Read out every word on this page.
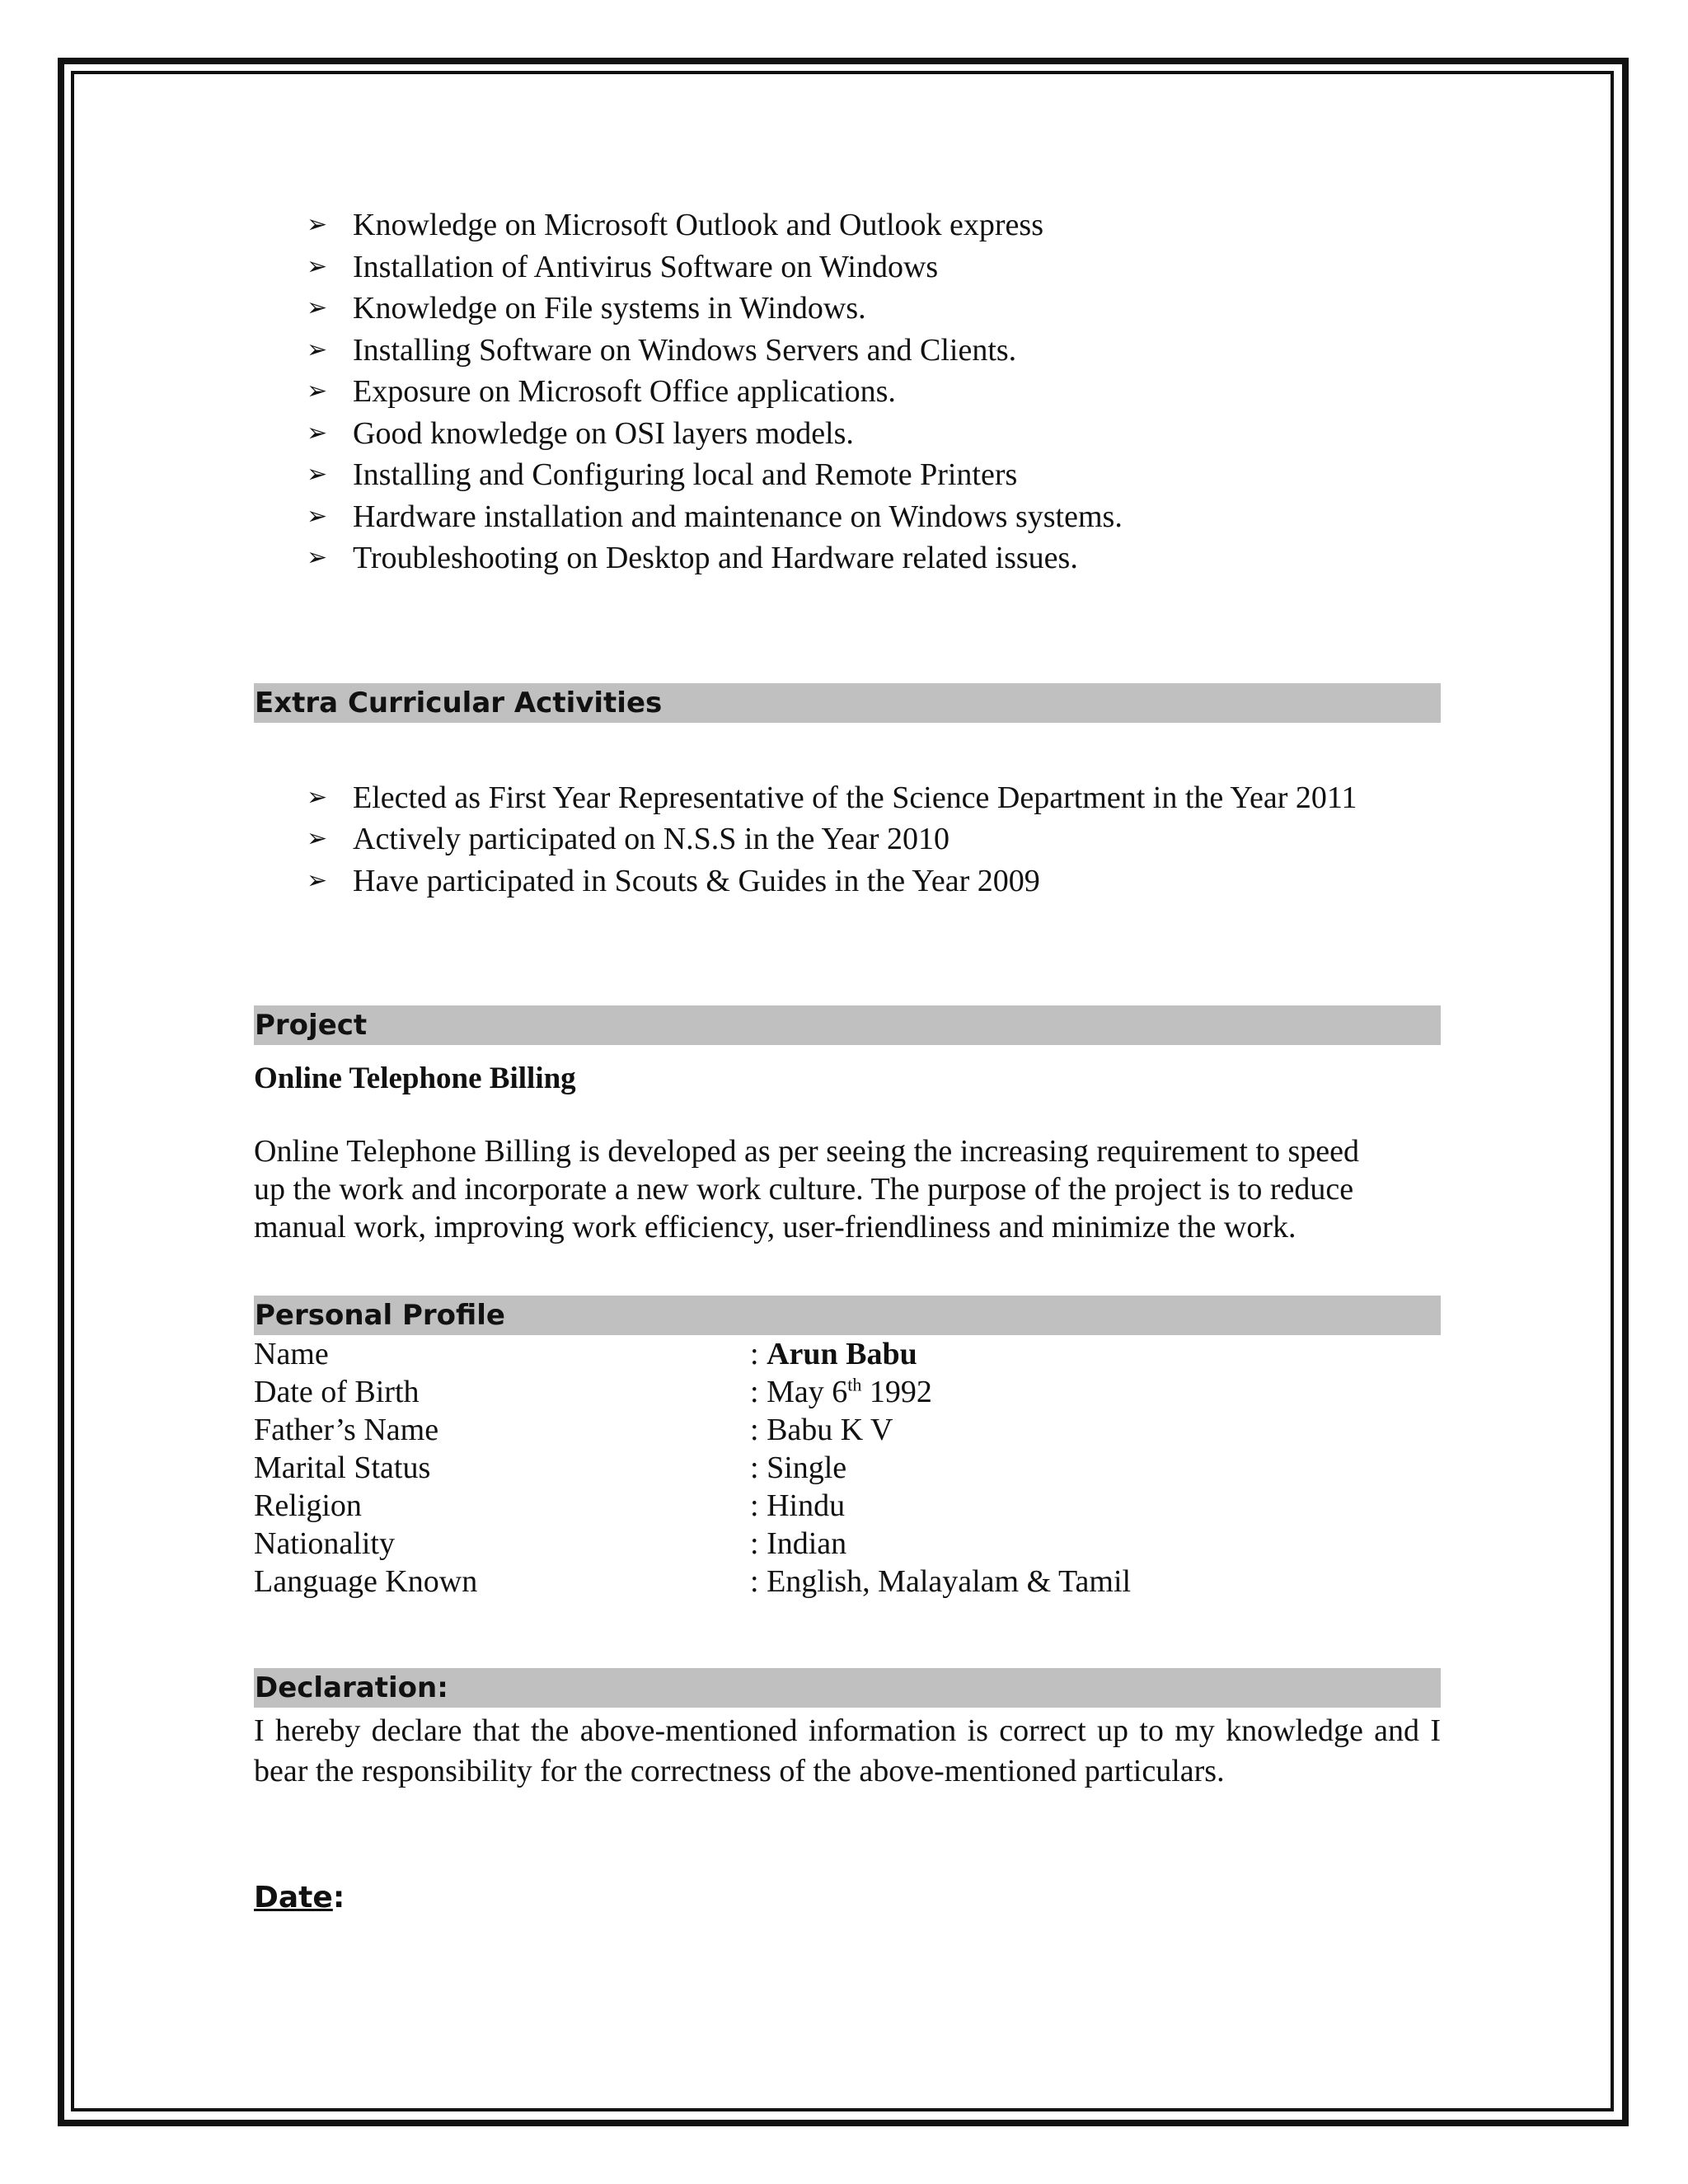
➢ Knowledge on Microsoft Outlook and Outlook express
➢ Installation of Antivirus Software on Windows
➢ Knowledge on File systems in Windows.
➢ Installing Software on Windows Servers and Clients.
➢ Exposure on Microsoft Office applications.
➢ Good knowledge on OSI layers models.
➢ Installing and Configuring local and Remote Printers
➢ Hardware installation and maintenance on Windows systems.
➢ Troubleshooting on Desktop and Hardware related issues.
Extra Curricular Activities
➢ Elected as First Year Representative of the Science Department in the Year 2011
➢ Actively participated on N.S.S in the Year 2010
➢ Have participated in Scouts & Guides in the Year 2009
Project
Online Telephone Billing
Online Telephone Billing is developed as per seeing the increasing requirement to speed
up the work and incorporate a new work culture. The purpose of the project is to reduce
manual work, improving work efficiency, user-friendliness and minimize the work.
Personal Profile
Name	: Arun Babu
Date of Birth	: May 6th 1992
Father’s Name	: Babu K V
Marital Status	: Single
Religion	: Hindu
Nationality	: Indian
Language Known	: English, Malayalam & Tamil
Declaration:
I hereby declare that the above-mentioned information is correct up to my knowledge and I bear the responsibility for the correctness of the above-mentioned particulars.
Date:
